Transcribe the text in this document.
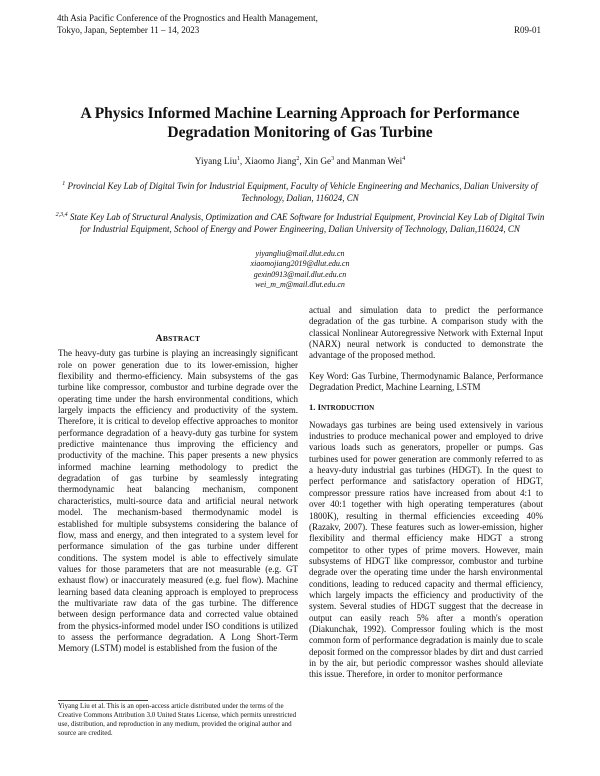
4th Asia Pacific Conference of the Prognostics and Health Management,
Tokyo, Japan, September 11 – 14, 2023	R09-01
A Physics Informed Machine Learning Approach for Performance
Degradation Monitoring of Gas Turbine
Yiyang Liu$^1$, Xiaomo Jiang$^2$, Xin Ge$^3$ and Manman Wei$^4$
$^1$ Provincial Key Lab of Digital Twin for Industrial Equipment, Faculty of Vehicle Engineering and Mechanics, Dalian University of Technology, Dalian, 116024, CN
$^{2,3,4}$ State Key Lab of Structural Analysis, Optimization and CAE Software for Industrial Equipment, Provincial Key Lab of Digital Twin for Industrial Equipment, School of Energy and Power Engineering, Dalian University of Technology, Dalian,116024, CN
yiyangliu@mail.dlut.edu.cn
xiaomojiang2019@dlut.edu.cn
gexin0913@mail.dlut.edu.cn
wei_m_m@mail.dlut.edu.cn
ABSTRACT

The heavy-duty gas turbine is playing an increasingly significant role on power generation due to its lower-emission, higher flexibility and thermo-efficiency. Main subsystems of the gas turbine like compressor, combustor and turbine degrade over the operating time under the harsh environmental conditions, which largely impacts the efficiency and productivity of the system. Therefore, it is critical to develop effective approaches to monitor performance degradation of a heavy-duty gas turbine for system predictive maintenance thus improving the efficiency and productivity of the machine. This paper presents a new physics informed machine learning methodology to predict the degradation of gas turbine by seamlessly integrating thermodynamic heat balancing mechanism, component characteristics, multi-source data and artificial neural network model. The mechanism-based thermodynamic model is established for multiple subsystems considering the balance of flow, mass and energy, and then integrated to a system level for performance simulation of the gas turbine under different conditions. The system model is able to effectively simulate values for those parameters that are not measurable (e.g. GT exhaust flow) or inaccurately measured (e.g. fuel flow). Machine learning based data cleaning approach is employed to preprocess the multivariate raw data of the gas turbine. The difference between design performance data and corrected value obtained from the physics-informed model under ISO conditions is utilized to assess the performance degradation. A Long Short-Term Memory (LSTM) model is established from the fusion of the

actual and simulation data to predict the performance degradation of the gas turbine. A comparison study with the classical Nonlinear Autoregressive Network with External Input (NARX) neural network is conducted to demonstrate the advantage of the proposed method.

Key Word: Gas Turbine, Thermodynamic Balance, Performance Degradation Predict, Machine Learning, LSTM

1. INTRODUCTION

Nowadays gas turbines are being used extensively in various industries to produce mechanical power and employed to drive various loads such as generators, propeller or pumps. Gas turbines used for power generation are commonly referred to as a heavy-duty industrial gas turbines (HDGT). In the quest to perfect performance and satisfactory operation of HDGT, compressor pressure ratios have increased from about 4:1 to over 40:1 together with high operating temperatures (about 1800K), resulting in thermal efficiencies exceeding 40% (Razakv, 2007). These features such as lower-emission, higher flexibility and thermal efficiency make HDGT a strong competitor to other types of prime movers. However, main subsystems of HDGT like compressor, combustor and turbine degrade over the operating time under the harsh environmental conditions, leading to reduced capacity and thermal efficiency, which largely impacts the efficiency and productivity of the system. Several studies of HDGT suggest that the decrease in output can easily reach 5% after a month's operation (Diakunchak, 1992). Compressor fouling which is the most common form of performance degradation is mainly due to scale deposit formed on the compressor blades by dirt and dust carried in by the air, but periodic compressor washes should alleviate this issue. Therefore, in order to monitor performance

Yiyang Liu et al. This is an open-access article distributed under the terms of the Creative Commons Attribution 3.0 United States License, which permits unrestricted use, distribution, and reproduction in any medium, provided the original author and source are credited.
